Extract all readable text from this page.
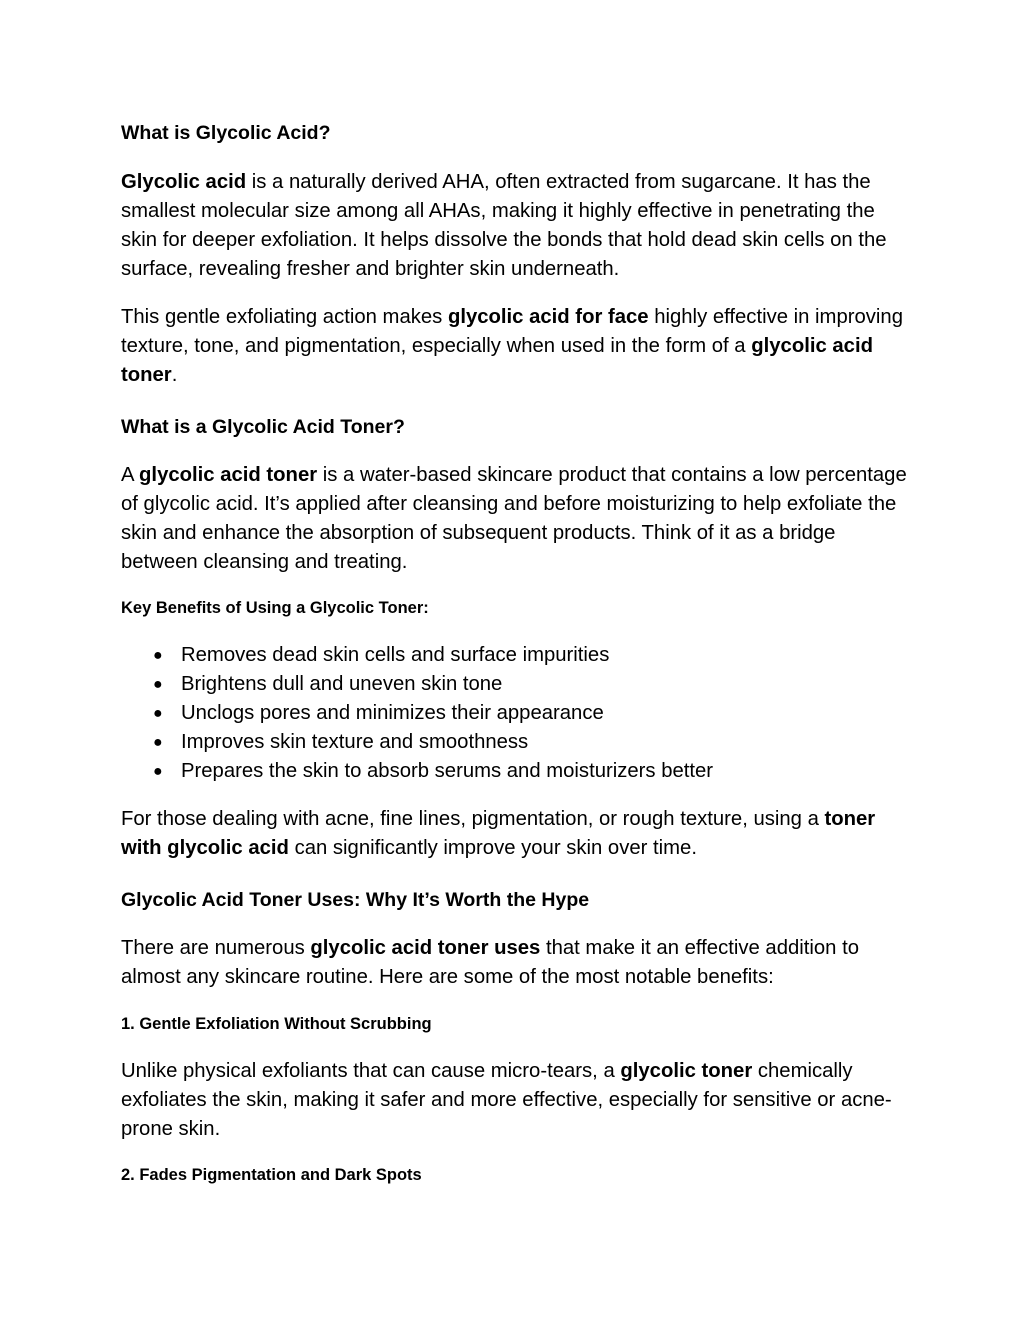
What is Glycolic Acid?

Glycolic acid is a naturally derived AHA, often extracted from sugarcane. It has the smallest molecular size among all AHAs, making it highly effective in penetrating the skin for deeper exfoliation. It helps dissolve the bonds that hold dead skin cells on the surface, revealing fresher and brighter skin underneath.

This gentle exfoliating action makes glycolic acid for face highly effective in improving texture, tone, and pigmentation, especially when used in the form of a glycolic acid toner.

What is a Glycolic Acid Toner?

A glycolic acid toner is a water-based skincare product that contains a low percentage of glycolic acid. It’s applied after cleansing and before moisturizing to help exfoliate the skin and enhance the absorption of subsequent products. Think of it as a bridge between cleansing and treating.

Key Benefits of Using a Glycolic Toner:
● Removes dead skin cells and surface impurities
● Brightens dull and uneven skin tone
● Unclogs pores and minimizes their appearance
● Improves skin texture and smoothness
● Prepares the skin to absorb serums and moisturizers better

For those dealing with acne, fine lines, pigmentation, or rough texture, using a toner with glycolic acid can significantly improve your skin over time.

Glycolic Acid Toner Uses: Why It’s Worth the Hype

There are numerous glycolic acid toner uses that make it an effective addition to almost any skincare routine. Here are some of the most notable benefits:

1. Gentle Exfoliation Without Scrubbing

Unlike physical exfoliants that can cause micro-tears, a glycolic toner chemically exfoliates the skin, making it safer and more effective, especially for sensitive or acne-prone skin.

2. Fades Pigmentation and Dark Spots
